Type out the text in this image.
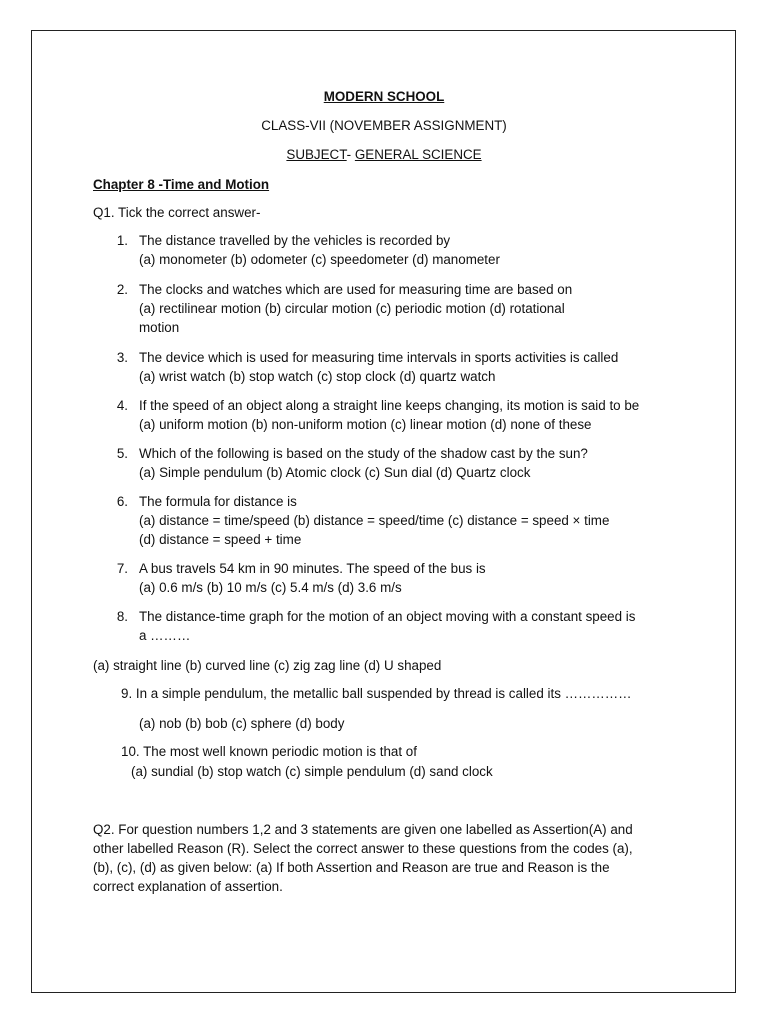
MODERN SCHOOL
CLASS-VII (NOVEMBER ASSIGNMENT)
SUBJECT- GENERAL SCIENCE
Chapter 8 -Time and Motion
Q1. Tick the correct answer-
1. The distance travelled by the vehicles is recorded by
(a) monometer (b) odometer (c) speedometer (d) manometer
2. The clocks and watches which are used for measuring time are based on
(a) rectilinear motion (b) circular motion (c) periodic motion (d) rotational
motion
3. The device which is used for measuring time intervals in sports activities is called
(a) wrist watch (b) stop watch (c) stop clock (d) quartz watch
4. If the speed of an object along a straight line keeps changing, its motion is said to be
(a) uniform motion (b) non-uniform motion (c) linear motion (d) none of these
5. Which of the following is based on the study of the shadow cast by the sun?
(a) Simple pendulum (b) Atomic clock (c) Sun dial (d) Quartz clock
6. The formula for distance is
(a) distance = time/speed (b) distance = speed/time (c) distance = speed × time
(d) distance = speed + time
7. A bus travels 54 km in 90 minutes. The speed of the bus is
(a) 0.6 m/s (b) 10 m/s (c) 5.4 m/s (d) 3.6 m/s
8. The distance-time graph for the motion of an object moving with a constant speed is
a ………
(a) straight line (b) curved line (c) zig zag line (d) U shaped
9. In a simple pendulum, the metallic ball suspended by thread is called its ……………
(a) nob (b) bob (c) sphere (d) body
10. The most well known periodic motion is that of
(a) sundial (b) stop watch (c) simple pendulum (d) sand clock
Q2. For question numbers 1,2 and 3 statements are given one labelled as Assertion(A) and
other labelled Reason (R). Select the correct answer to these questions from the codes (a),
(b), (c), (d) as given below: (a) If both Assertion and Reason are true and Reason is the
correct explanation of assertion.
